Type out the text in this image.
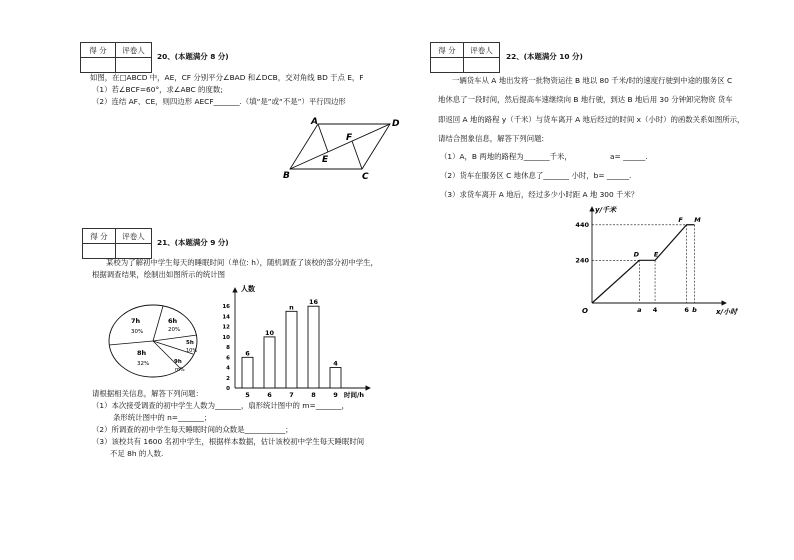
得 分	评卷人

20、(本题满分 8 分)
如图，在□ABCD 中，AE，CF 分别平分∠BAD 和∠DCB，交对角线 BD 于点 E，F
（1）若∠BCF=60°，求∠ABC 的度数;
（2）连结 AF、CE，则四边形 AECF_______.（填“是”或“不是”）平行四边形
A	D
B	C
E
F
得 分	评卷人

21、(本题满分 9 分)
某校为了解初中学生每天的睡眠时间（单位: h），随机调查了该校的部分初中学生，
根据调查结果，绘制出如图所示的统计图
7h
30%
6h
20%
5h
10%
9h
m%
8h
32%
人数
时间/h
0
2
4
6
8
10
12
14
16
6
5
10
6
n
7
16
8
4
9
请根据相关信息，解答下列问题：
（1）本次接受调查的初中学生人数为_______，扇形统计图中的 m=_______，
条形统计图中的 n=_______；
（2）所调查的初中学生每天睡眠时间的众数是___________；
（3）该校共有 1600 名初中学生，根据样本数据，估计该校初中学生每天睡眠时间
不足 8h 的人数.
得 分	评卷人

22、(本题满分 10 分)
一辆货车从 A 地出发将一批物资运往 B 地以 80 千米/时的速度行驶到中途的服务区 C
地休息了一段时间，然后提高车速继续向 B 地行驶，到达 B 地后用 30 分钟卸完物资 货车
即返回 A 地的路程 y（千米）与货车离开 A 地后经过的时间 x（小时）的函数关系如图所示，
请结合图象信息，解答下列问题:
（1）A，B 两地的路程为_______千米，	a= ______.
（2）货车在服务区 C 地休息了_______ 小时，b= ______.
（3）求货车离开 A 地后，经过多少小时距 A 地 300 千米？
y/千米
x/小时
O
240
440
a 4	6 b
D E
F M
